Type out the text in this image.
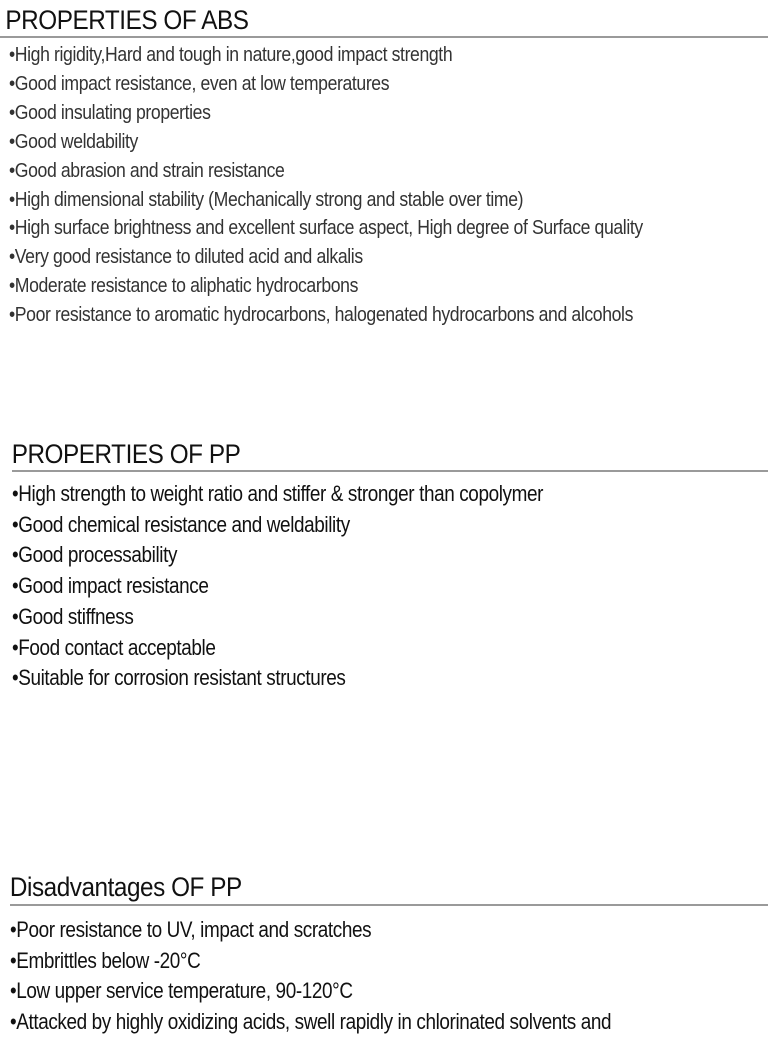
PROPERTIES OF ABS
•High rigidity,Hard and tough in nature,good impact strength
•Good impact resistance, even at low temperatures
•Good insulating properties
•Good weldability
•Good abrasion and strain resistance
•High dimensional stability (Mechanically strong and stable over time)
•High surface brightness and excellent surface aspect, High degree of Surface quality
•Very good resistance to diluted acid and alkalis
•Moderate resistance to aliphatic hydrocarbons
•Poor resistance to aromatic hydrocarbons, halogenated hydrocarbons and alcohols
PROPERTIES OF PP
•High strength to weight ratio and stiffer & stronger than copolymer
•Good chemical resistance and weldability
•Good processability
•Good impact resistance
•Good stiffness
•Food contact acceptable
•Suitable for corrosion resistant structures
Disadvantages OF PP
•Poor resistance to UV, impact and scratches
•Embrittles below -20°C
•Low upper service temperature, 90-120°C
•Attacked by highly oxidizing acids, swell rapidly in chlorinated solvents and
